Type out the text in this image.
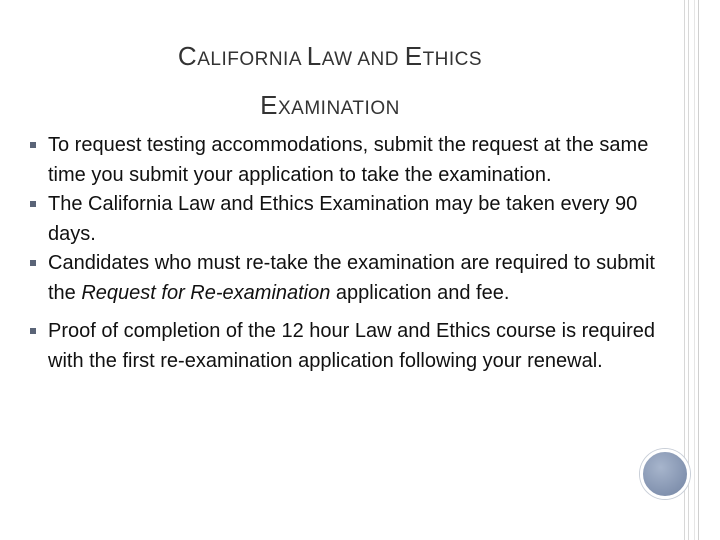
CALIFORNIA LAW AND ETHICS
EXAMINATION
To request testing accommodations, submit the request at the same time you submit your application to take the examination.
The California Law and Ethics Examination may be taken every 90 days.
Candidates who must re-take the examination are required to submit the Request for Re-examination application and fee.
Proof of completion of the 12 hour Law and Ethics course is required with the first re-examination application following your renewal.
